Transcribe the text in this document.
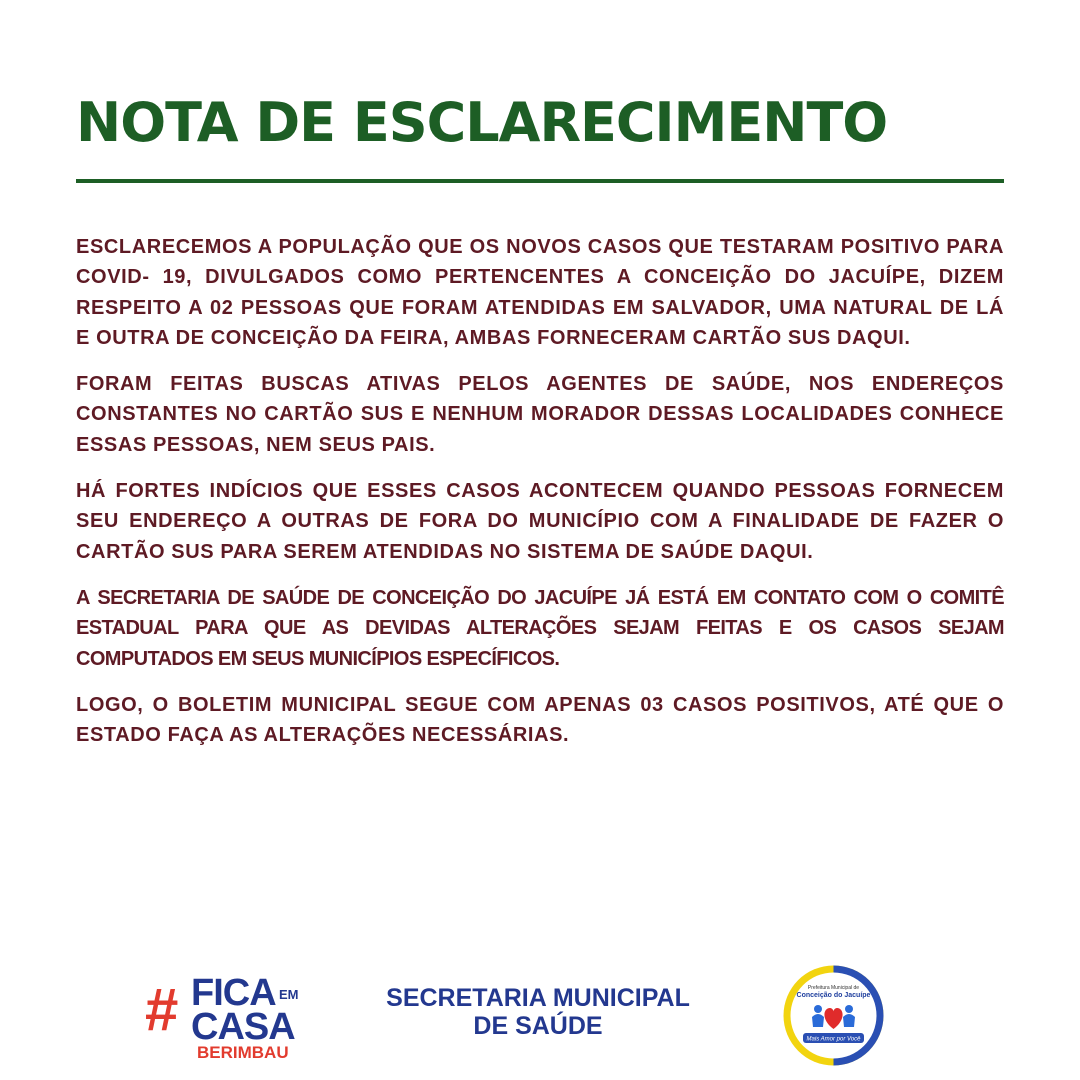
NOTA DE ESCLARECIMENTO

ESCLARECEMOS A POPULAÇÃO QUE OS NOVOS CASOS QUE TESTARAM POSITIVO PARA COVID- 19, DIVULGADOS COMO PERTENCENTES A CONCEIÇÃO DO JACUÍPE, DIZEM RESPEITO A 02 PESSOAS QUE FORAM ATENDIDAS EM SALVADOR, UMA NATURAL DE LÁ E OUTRA DE CONCEIÇÃO DA FEIRA, AMBAS FORNECERAM CARTÃO SUS DAQUI.

FORAM FEITAS BUSCAS ATIVAS PELOS AGENTES DE SAÚDE, NOS ENDEREÇOS CONSTANTES NO CARTÃO SUS E NENHUM MORADOR DESSAS LOCALIDADES CONHECE ESSAS PESSOAS, NEM SEUS PAIS.

HÁ FORTES INDÍCIOS QUE ESSES CASOS ACONTECEM QUANDO PESSOAS FORNECEM SEU ENDEREÇO A OUTRAS DE FORA DO MUNICÍPIO COM A FINALIDADE DE FAZER O CARTÃO SUS PARA SEREM ATENDIDAS NO SISTEMA DE SAÚDE DAQUI.

A SECRETARIA DE SAÚDE DE CONCEIÇÃO DO JACUÍPE JÁ ESTÁ EM CONTATO COM O COMITÊ ESTADUAL PARA QUE AS DEVIDAS ALTERAÇÕES SEJAM FEITAS E OS CASOS SEJAM COMPUTADOS EM SEUS MUNICÍPIOS ESPECÍFICOS.

LOGO, O BOLETIM MUNICIPAL SEGUE COM APENAS 03 CASOS POSITIVOS, ATÉ QUE O ESTADO FAÇA AS ALTERAÇÕES NECESSÁRIAS.

# FICA EM
CASA
BERIMBAU
SECRETARIA MUNICIPAL
DE SAÚDE
Prefeitura Municipal de
Conceição do Jacuípe
Mais Amor por Você
